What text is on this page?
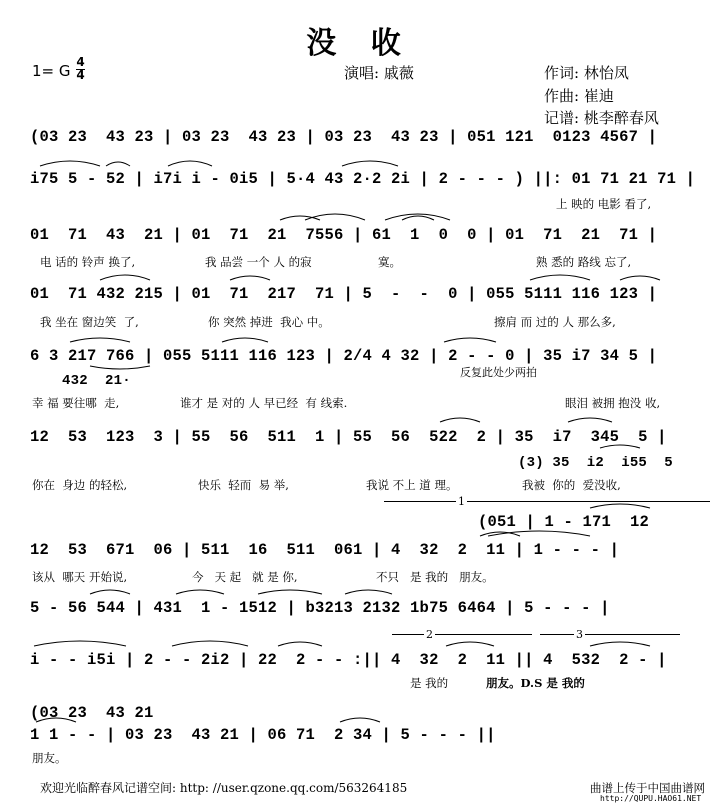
没 收
1= G 4
4	演唱: 戚薇	作词: 林怡凤
作曲: 崔迪
记谱: 桃李醉春风
(03 23  43 23 | 03 23  43 23 | 03 23  43 23 | 051 121  0123 4567 |
i75 5 - 52 | i7i i - 0i5 | 5·4 43 2·2 2i | 2 - - - ) ||: 01 71 21 71 |
上 映的 电影 看了,
01  71  43  21 | 01  71  21  7556 | 61  1  0  0 | 01  71  21  71 |
电 话的 铃声 换了,	我 品尝 一个 人 的寂	寞。	熟 悉的 路线 忘了,
01  71 432 215 | 01  71  217  71 | 5  -  -  0 | 055 5111 116 123 |
我 坐在 窗边笑  了,	你 突然 掉进  我心 中。	擦肩 而 过的 人 那么多,
6 3 217 766 | 055 5111 116 123 | 2/4 4 32 | 2 - - 0 | 35 i7 34 5 |
432  21·
反复此处少两拍
幸 福 要往哪  走,	谁才 是 对的 人 早已经  有 线索.	眼泪 被拥 抱没 收,
12  53  123  3 | 55  56  511  1 | 55  56  522  2 | 35  i7  345  5 |
(3) 35  i2  i55  5
你在  身边 的轻松,	快乐  轻而  易 举,	我说 不上 道 理。	我被  你的  爱没收,
1
(051 | 1 - 171  12
12  53  671  06 | 511  16  511  061 | 4  32  2  11 | 1 - - - |
该从  哪天 开始说,	今   天 起   就 是 你,	不只   是 我的   朋友。
5 - 56 544 | 431  1 - 1512 | b3213 2132 1b75 6464 | 5 - - - |
2	3
i - - i5i | 2 - - 2i2 | 22  2 - - :|| 4  32  2  11 || 4  532  2 - |
是 我的	朋友。D.S 是 我的
(03 23  43 21
1 1 - - | 03 23  43 21 | 06 71  2 34 | 5 - - - ||
朋友。
欢迎光临醉春风记谱空间: http: //user.qzone.qq.com/563264185	曲谱上传于中国曲谱网
http://QUPU.HAO61.NET
